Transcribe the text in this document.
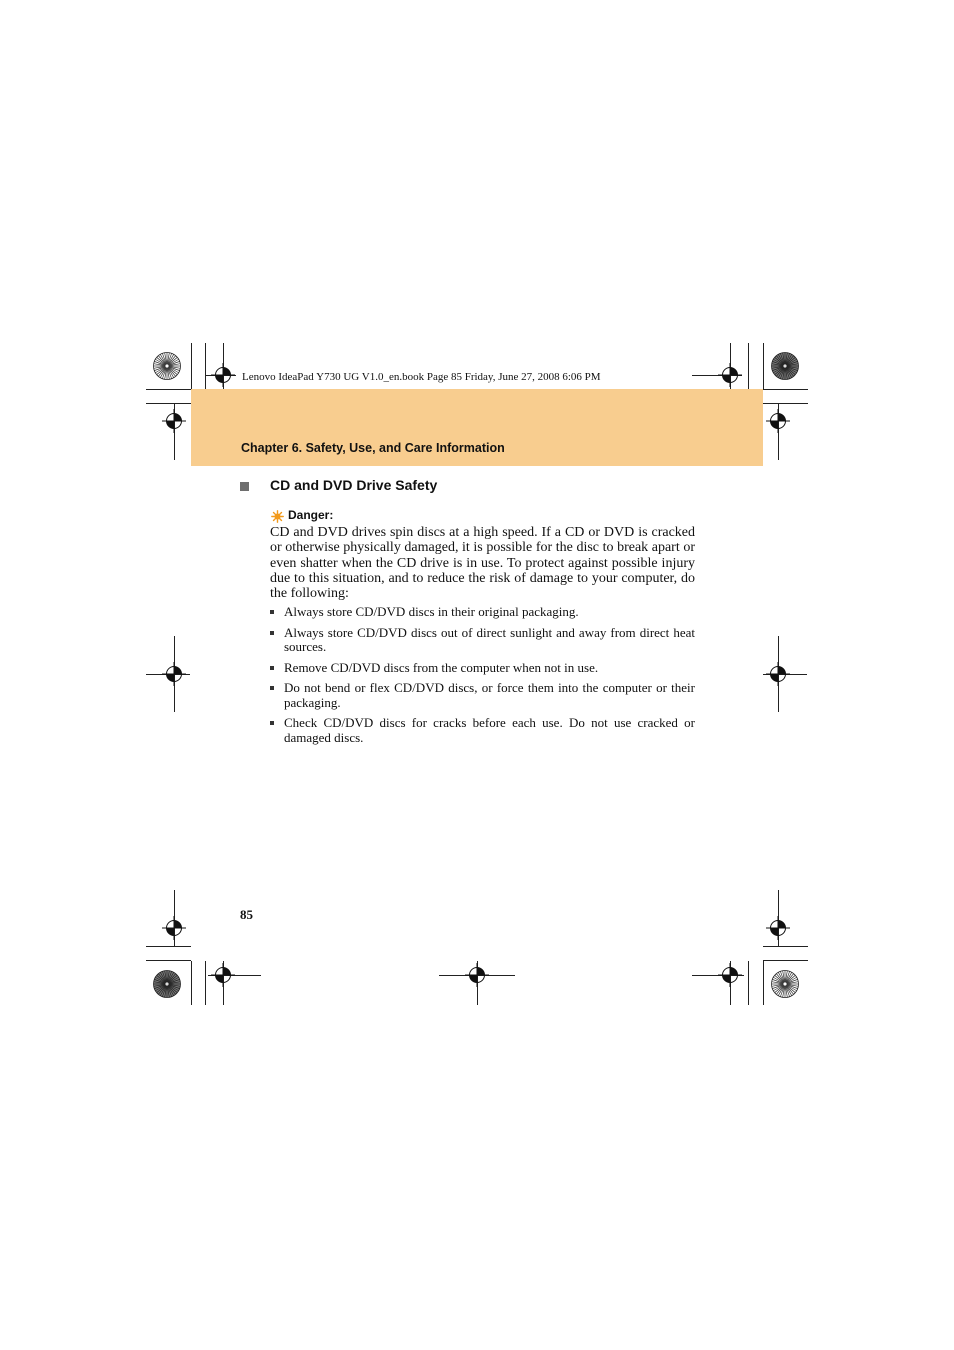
Lenovo IdeaPad Y730 UG V1.0_en.book Page 85 Friday, June 27, 2008 6:06 PM
Chapter 6. Safety, Use, and Care Information
CD and DVD Drive Safety
Danger:
CD and DVD drives spin discs at a high speed. If a CD or DVD is cracked or otherwise physically damaged, it is possible for the disc to break apart or even shatter when the CD drive is in use. To protect against possible injury due to this situation, and to reduce the risk of damage to your computer, do the following:
Always store CD/DVD discs in their original packaging.
Always store CD/DVD discs out of direct sunlight and away from direct heat sources.
Remove CD/DVD discs from the computer when not in use.
Do not bend or flex CD/DVD discs, or force them into the computer or their packaging.
Check CD/DVD discs for cracks before each use. Do not use cracked or damaged discs.
85
